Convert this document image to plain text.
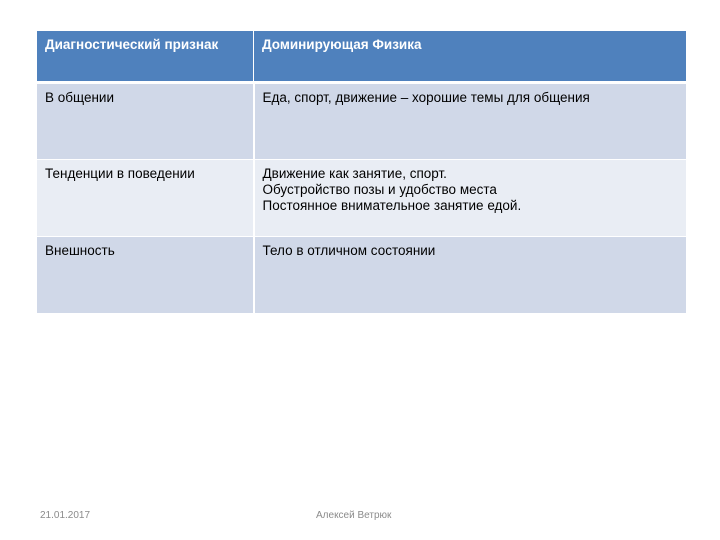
Диагностический признак	Доминирующая Физика
В общении	Еда, спорт, движение – хорошие темы для общения

Тенденции в поведении	Движение как занятие, спорт.
Обустройство позы и удобство места
Постоянное внимательное занятие едой.

Внешность	Тело в отличном состоянии
21.01.2017	Алексей Ветрюк
